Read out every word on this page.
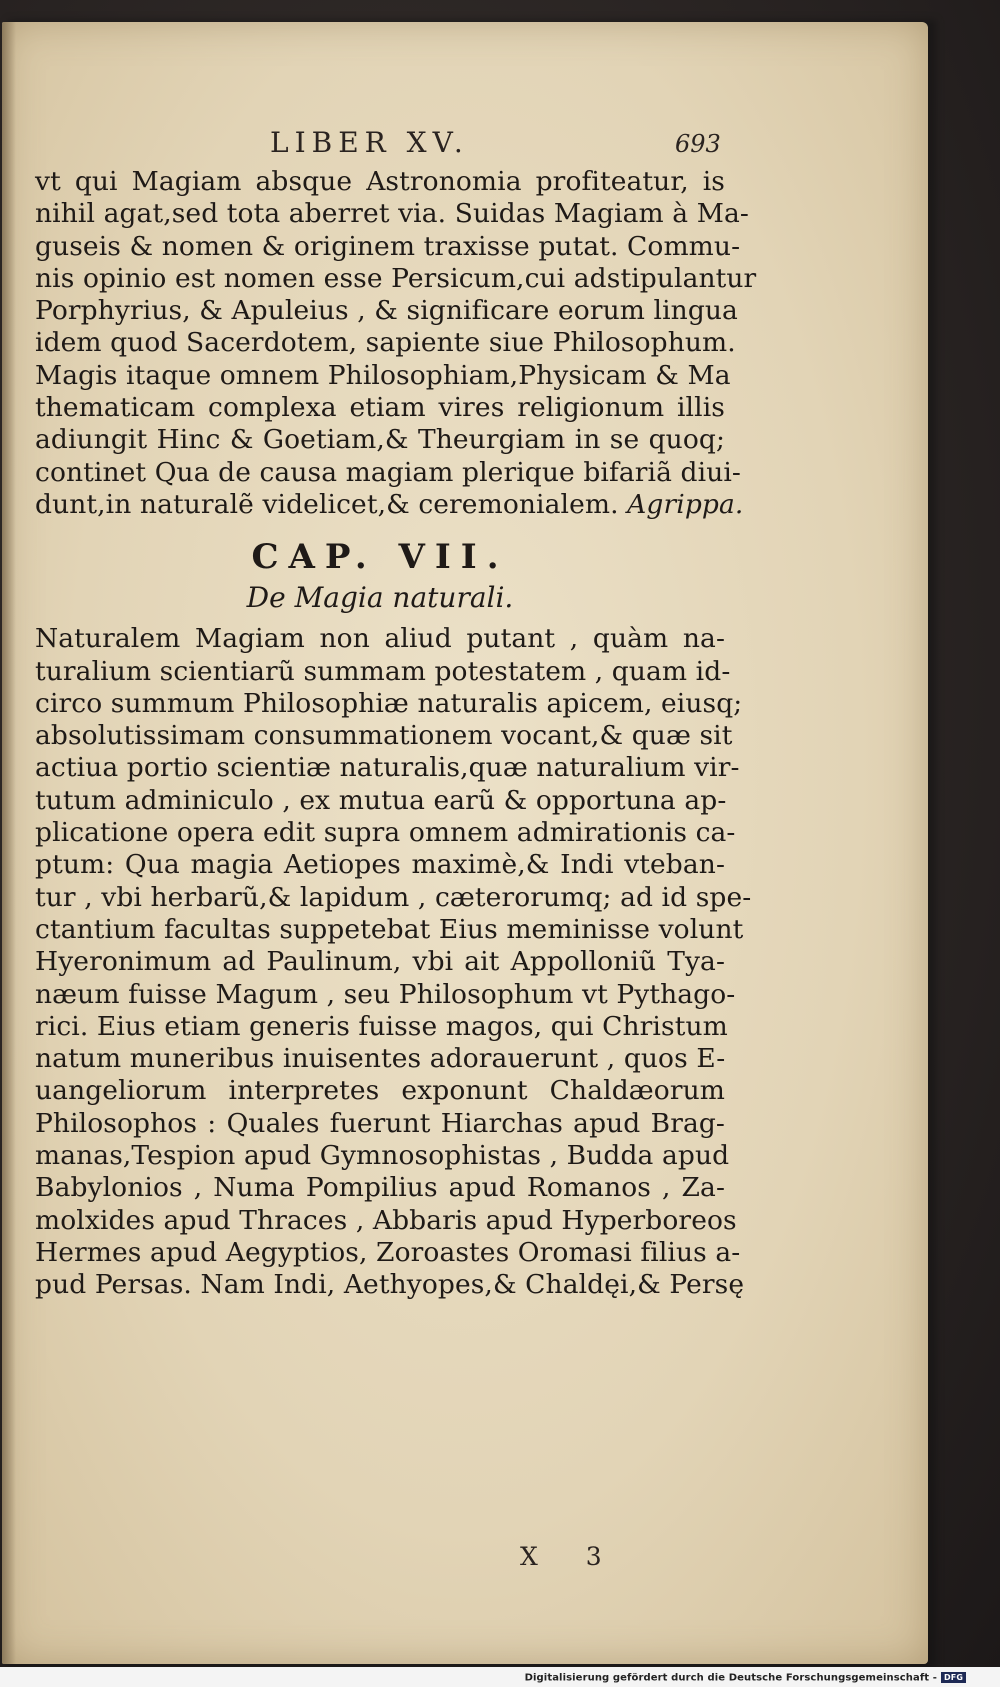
LIBER XV.	693
vt qui Magiam absque Astronomia profiteatur, is
nihil agat,sed tota aberret via. Suidas Magiam à Ma-
guseis & nomen & originem traxisse putat. Commu-
nis opinio est nomen esse Persicum,cui adstipulantur
Porphyrius, & Apuleius , & significare eorum lingua
idem quod Sacerdotem, sapiente siue Philosophum.
Magis itaque omnem Philosophiam,Physicam & Ma
thematicam complexa etiam vires religionum illis
adiungit Hinc & Goetiam,& Theurgiam in se quoq;
continet Qua de causa magiam plerique bifariã diui-
dunt,in naturalẽ videlicet,& ceremonialem. Agrippa.
CAP. VII.
De Magia naturali.
Naturalem Magiam non aliud putant , quàm na-
turalium scientiarũ summam potestatem , quam id-
circo summum Philosophiæ naturalis apicem, eiusq;
absolutissimam consummationem vocant,& quæ sit
actiua portio scientiæ naturalis,quæ naturalium vir-
tutum adminiculo , ex mutua earũ & opportuna ap-
plicatione opera edit supra omnem admirationis ca-
ptum: Qua magia Aetiopes maximè,& Indi vteban-
tur , vbi herbarũ,& lapidum , cæterorumq; ad id spe-
ctantium facultas suppetebat Eius meminisse volunt
Hyeronimum ad Paulinum, vbi ait Appolloniũ Tya-
næum fuisse Magum , seu Philosophum vt Pythago-
rici. Eius etiam generis fuisse magos, qui Christum
natum muneribus inuisentes adorauerunt , quos E-
uangeliorum interpretes exponunt Chaldæorum
Philosophos : Quales fuerunt Hiarchas apud Brag-
manas,Tespion apud Gymnosophistas , Budda apud
Babylonios , Numa Pompilius apud Romanos , Za-
molxides apud Thraces , Abbaris apud Hyperboreos
Hermes apud Aegyptios, Zoroastes Oromasi filius a-
pud Persas. Nam Indi, Aethyopes,& Chaldęi,& Persę
X 3
Digitalisierung gefördert durch die Deutsche Forschungsgemeinschaft - DFG
